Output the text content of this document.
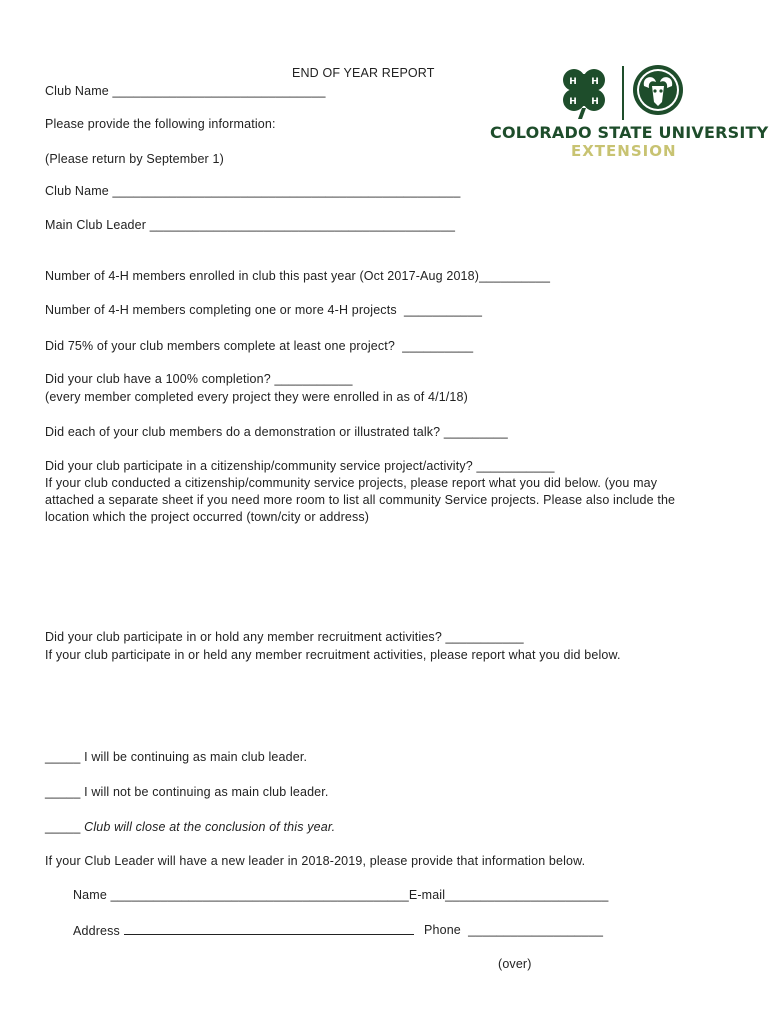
H H
H H
COLORADO STATE UNIVERSITY
EXTENSION
END OF YEAR REPORT
Club Name ______________________________
Please provide the following information:
(Please return by September 1)
Club Name _________________________________________________
Main Club Leader ___________________________________________
Number of 4-H members enrolled in club this past year (Oct 2017-Aug 2018)__________
Number of 4-H members completing one or more 4-H projects  ___________
Did 75% of your club members complete at least one project?  __________
Did your club have a 100% completion? ___________
(every member completed every project they were enrolled in as of 4/1/18)
Did each of your club members do a demonstration or illustrated talk? _________
Did your club participate in a citizenship/community service project/activity? ___________
If your club conducted a citizenship/community service projects, please report what you did below. (you may
attached a separate sheet if you need more room to list all community Service projects. Please also include the
location which the project occurred (town/city or address)
Did your club participate in or hold any member recruitment activities? ___________
If your club participate in or held any member recruitment activities, please report what you did below.
_____ I will be continuing as main club leader.
_____ I will not be continuing as main club leader.
_____ Club will close at the conclusion of this year.
If your Club Leader will have a new leader in 2018-2019, please provide that information below.
Name __________________________________________E-mail_______________________
Address	Phone  ___________________
(over)
